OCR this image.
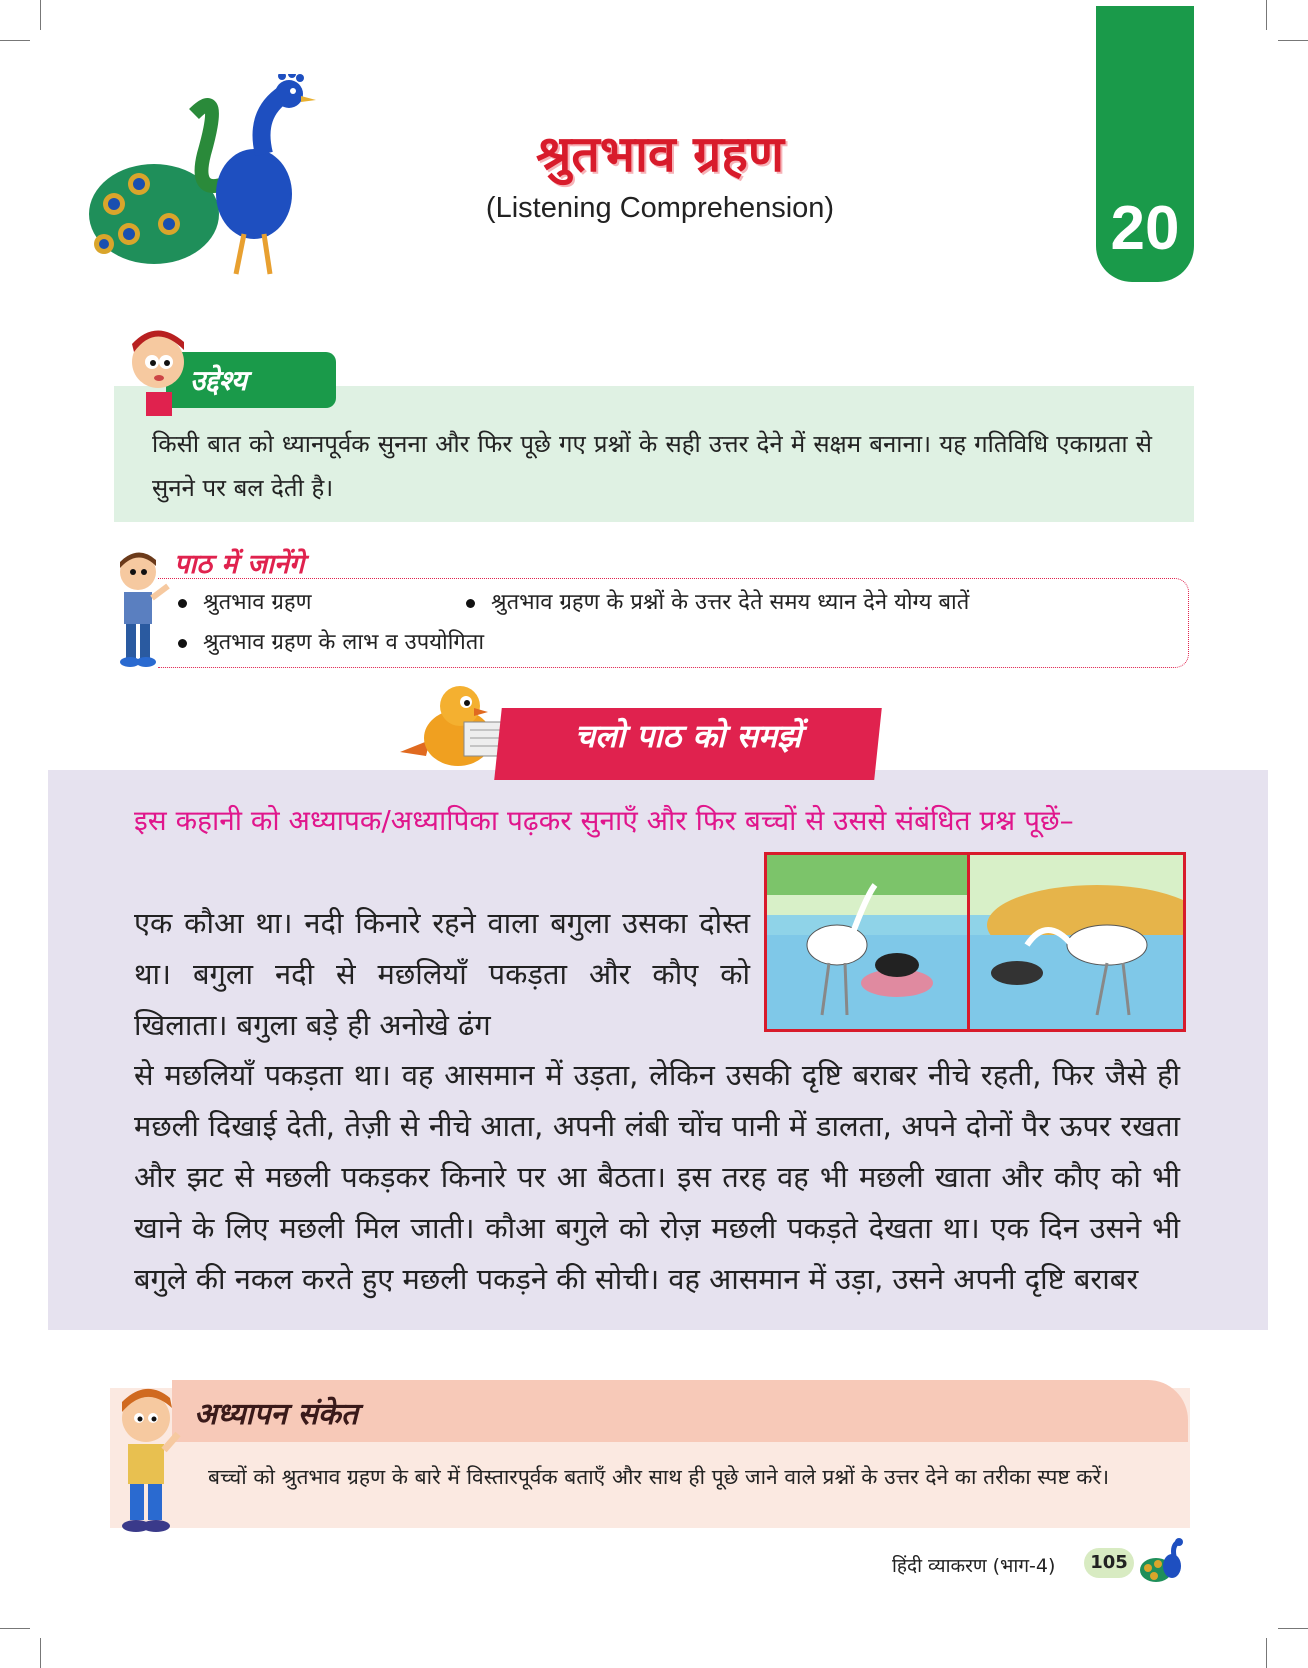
श्रुतभाव ग्रहण
(Listening Comprehension)	20
उद्देश्य
किसी बात को ध्यानपूर्वक सुनना और फिर पूछे गए प्रश्नों के सही उत्तर देने में सक्षम बनाना। यह गतिविधि एकाग्रता से सुनने पर बल देती है।
पाठ में जानेंगे
श्रुतभाव ग्रहण	श्रुतभाव ग्रहण के प्रश्नों के उत्तर देते समय ध्यान देने योग्य बातें
श्रुतभाव ग्रहण के लाभ व उपयोगिता
चलो पाठ को समझें
इस कहानी को अध्यापक/अध्यापिका पढ़कर सुनाएँ और फिर बच्चों से उससे संबंधित प्रश्न पूछें–
एक कौआ था। नदी किनारे रहने वाला बगुला उसका दोस्त था। बगुला नदी से मछलियाँ पकड़ता और कौए को खिलाता। बगुला बड़े ही अनोखे ढंग
से मछलियाँ पकड़ता था। वह आसमान में उड़ता, लेकिन उसकी दृष्टि बराबर नीचे रहती, फिर जैसे ही मछली दिखाई देती, तेज़ी से नीचे आता, अपनी लंबी चोंच पानी में डालता, अपने दोनों पैर ऊपर रखता और झट से मछली पकड़कर किनारे पर आ बैठता। इस तरह वह भी मछली खाता और कौए को भी खाने के लिए मछली मिल जाती। कौआ बगुले को रोज़ मछली पकड़ते देखता था। एक दिन उसने भी बगुले की नकल करते हुए मछली पकड़ने की सोची। वह आसमान में उड़ा, उसने अपनी दृष्टि बराबर
अध्यापन संकेत
बच्चों को श्रुतभाव ग्रहण के बारे में विस्तारपूर्वक बताएँ और साथ ही पूछे जाने वाले प्रश्नों के उत्तर देने का तरीका स्पष्ट करें।
हिंदी व्याकरण (भाग-4)	105
